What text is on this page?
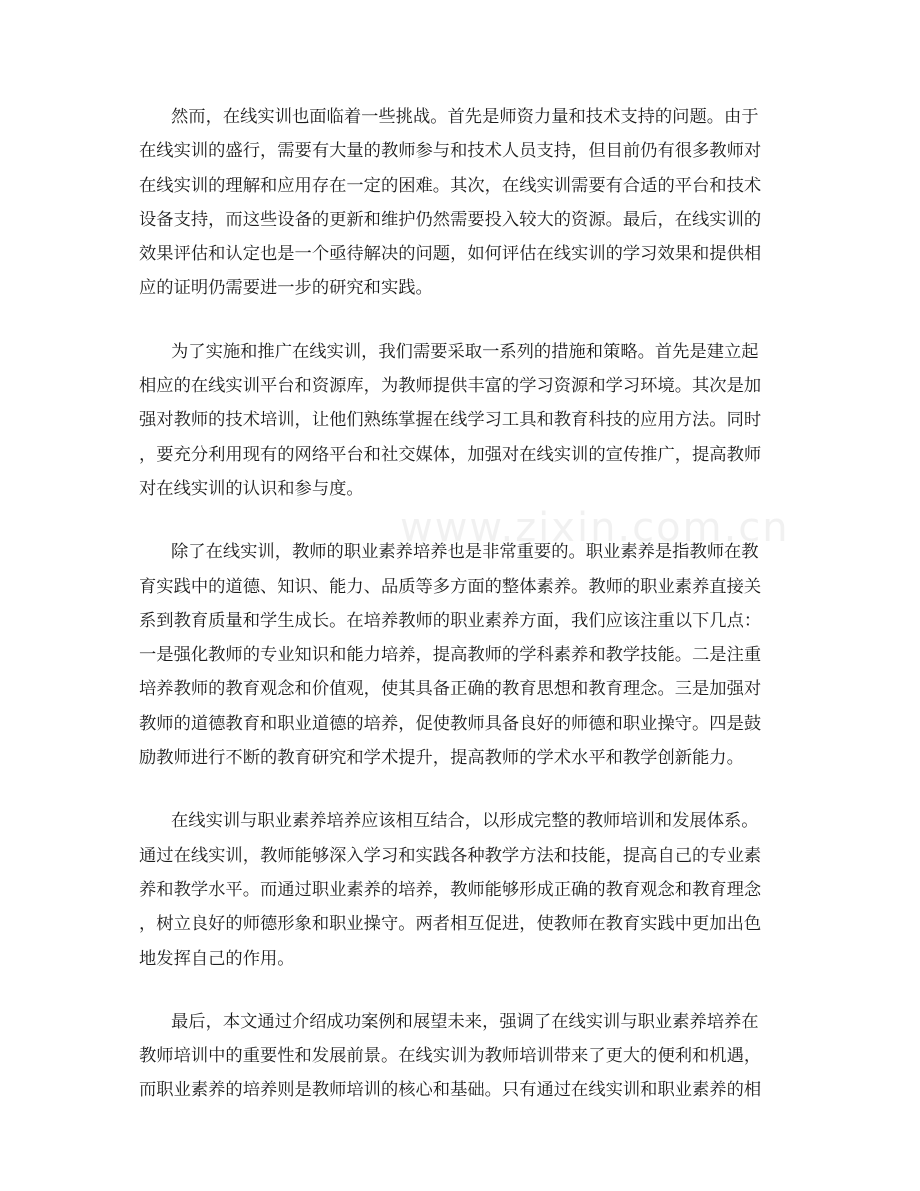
www.zixin.com.cn

然而，在线实训也面临着一些挑战。首先是师资力量和技术支持的问题。由于
在线实训的盛行，需要有大量的教师参与和技术人员支持，但目前仍有很多教师对
在线实训的理解和应用存在一定的困难。其次，在线实训需要有合适的平台和技术
设备支持，而这些设备的更新和维护仍然需要投入较大的资源。最后，在线实训的
效果评估和认定也是一个亟待解决的问题，如何评估在线实训的学习效果和提供相
应的证明仍需要进一步的研究和实践。

为了实施和推广在线实训，我们需要采取一系列的措施和策略。首先是建立起
相应的在线实训平台和资源库，为教师提供丰富的学习资源和学习环境。其次是加
强对教师的技术培训，让他们熟练掌握在线学习工具和教育科技的应用方法。同时
，要充分利用现有的网络平台和社交媒体，加强对在线实训的宣传推广，提高教师
对在线实训的认识和参与度。

除了在线实训，教师的职业素养培养也是非常重要的。职业素养是指教师在教
育实践中的道德、知识、能力、品质等多方面的整体素养。教师的职业素养直接关
系到教育质量和学生成长。在培养教师的职业素养方面，我们应该注重以下几点：
一是强化教师的专业知识和能力培养，提高教师的学科素养和教学技能。二是注重
培养教师的教育观念和价值观，使其具备正确的教育思想和教育理念。三是加强对
教师的道德教育和职业道德的培养，促使教师具备良好的师德和职业操守。四是鼓
励教师进行不断的教育研究和学术提升，提高教师的学术水平和教学创新能力。

在线实训与职业素养培养应该相互结合，以形成完整的教师培训和发展体系。
通过在线实训，教师能够深入学习和实践各种教学方法和技能，提高自己的专业素
养和教学水平。而通过职业素养的培养，教师能够形成正确的教育观念和教育理念
，树立良好的师德形象和职业操守。两者相互促进，使教师在教育实践中更加出色
地发挥自己的作用。

最后，本文通过介绍成功案例和展望未来，强调了在线实训与职业素养培养在
教师培训中的重要性和发展前景。在线实训为教师培训带来了更大的便利和机遇，
而职业素养的培养则是教师培训的核心和基础。只有通过在线实训和职业素养的相
